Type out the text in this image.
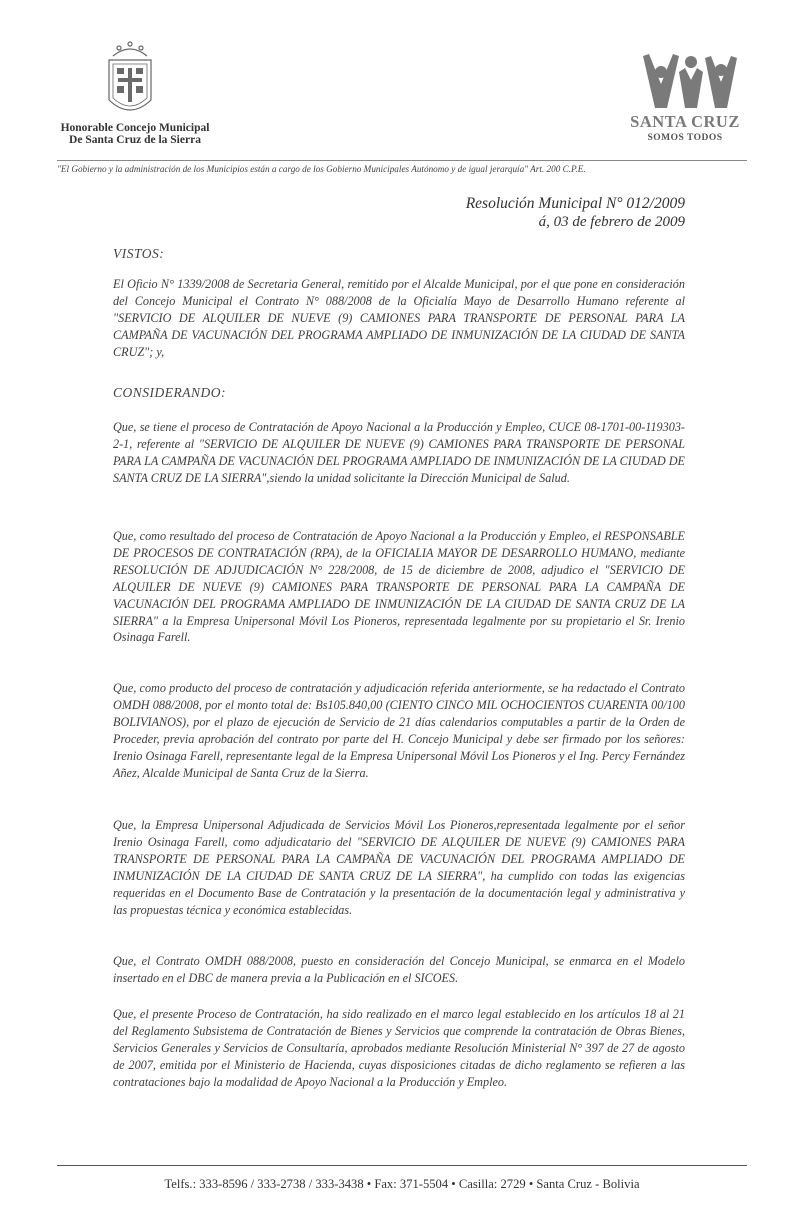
Honorable Concejo Municipal
De Santa Cruz de la Sierra
SANTA CRUZ
SOMOS TODOS
"El Gobierno y la administración de los Municipios están a cargo de los Gobierno Municipales Autónomo y de igual jerarquía" Art. 200 C.P.E.
Resolución Municipal N° 012/2009
á, 03 de febrero de 2009
VISTOS:
El Oficio N° 1339/2008 de Secretaria General, remitido por el Alcalde Municipal, por el que pone en consideración del Concejo Municipal el Contrato N° 088/2008 de la Oficialía Mayo de Desarrollo Humano referente al "SERVICIO DE ALQUILER DE NUEVE (9) CAMIONES PARA TRANSPORTE DE PERSONAL PARA LA CAMPAÑA DE VACUNACIÓN DEL PROGRAMA AMPLIADO DE INMUNIZACIÓN DE LA CIUDAD DE SANTA CRUZ"; y,
CONSIDERANDO:
Que, se tiene el proceso de Contratación de Apoyo Nacional a la Producción y Empleo, CUCE 08-1701-00-119303-2-1, referente al "SERVICIO DE ALQUILER DE NUEVE (9) CAMIONES PARA TRANSPORTE DE PERSONAL PARA LA CAMPAÑA DE VACUNACIÓN DEL PROGRAMA AMPLIADO DE INMUNIZACIÓN DE LA CIUDAD DE SANTA CRUZ DE LA SIERRA",siendo la unidad solicitante la Dirección Municipal de Salud.
Que, como resultado del proceso de Contratación de Apoyo Nacional a la Producción y Empleo, el RESPONSABLE DE PROCESOS DE CONTRATACIÓN (RPA), de la OFICIALIA MAYOR DE DESARROLLO HUMANO, mediante RESOLUCIÓN DE ADJUDICACIÓN N° 228/2008, de 15 de diciembre de 2008, adjudico el "SERVICIO DE ALQUILER DE NUEVE (9) CAMIONES PARA TRANSPORTE DE PERSONAL PARA LA CAMPAÑA DE VACUNACIÓN DEL PROGRAMA AMPLIADO DE INMUNIZACIÓN DE LA CIUDAD DE SANTA CRUZ DE LA SIERRA" a la Empresa Unipersonal Móvil Los Pioneros, representada legalmente por su propietario el Sr. Irenio Osinaga Farell.
Que, como producto del proceso de contratación y adjudicación referida anteriormente, se ha redactado el Contrato OMDH 088/2008, por el monto total de: Bs105.840,00 (CIENTO CINCO MIL OCHOCIENTOS CUARENTA 00/100 BOLIVIANOS), por el plazo de ejecución de Servicio de 21 días calendarios computables a partir de la Orden de Proceder, previa aprobación del contrato por parte del H. Concejo Municipal y debe ser firmado por los señores: Irenio Osinaga Farell, representante legal de la Empresa Unipersonal Móvil Los Pioneros y el Ing. Percy Fernández Añez, Alcalde Municipal de Santa Cruz de la Sierra.
Que, la Empresa Unipersonal Adjudicada de Servicios Móvil Los Pioneros,representada legalmente por el señor Irenio Osinaga Farell, como adjudicatario del "SERVICIO DE ALQUILER DE NUEVE (9) CAMIONES PARA TRANSPORTE DE PERSONAL PARA LA CAMPAÑA DE VACUNACIÓN DEL PROGRAMA AMPLIADO DE INMUNIZACIÓN DE LA CIUDAD DE SANTA CRUZ DE LA SIERRA", ha cumplido con todas las exigencias requeridas en el Documento Base de Contratación y la presentación de la documentación legal y administrativa y las propuestas técnica y económica establecidas.
Que, el Contrato OMDH 088/2008, puesto en consideración del Concejo Municipal, se enmarca en el Modelo insertado en el DBC de manera previa a la Publicación en el SICOES.
Que, el presente Proceso de Contratación, ha sido realizado en el marco legal establecido en los artículos 18 al 21 del Reglamento Subsistema de Contratación de Bienes y Servicios que comprende la contratación de Obras Bienes, Servicios Generales y Servicios de Consultaría, aprobados mediante Resolución Ministerial N° 397 de 27 de agosto de 2007, emitida por el Ministerio de Hacienda, cuyas disposiciones citadas de dicho reglamento se refieren a las contrataciones bajo la modalidad de Apoyo Nacional a la Producción y Empleo.
Telfs.: 333-8596 / 333-2738 / 333-3438 • Fax: 371-5504 • Casilla: 2729 • Santa Cruz - Bolivia
